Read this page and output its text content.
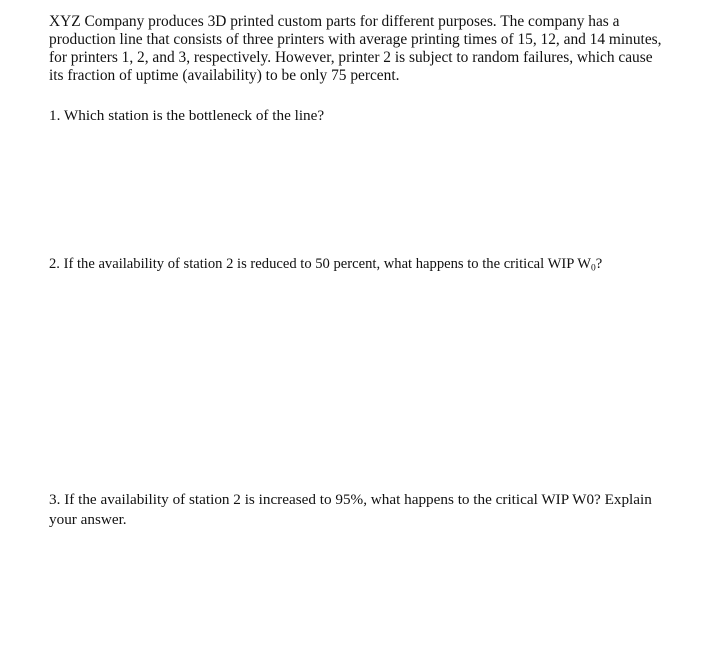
XYZ Company produces 3D printed custom parts for different purposes. The company has a
production line that consists of three printers with average printing times of 15, 12, and 14 minutes,
for printers 1, 2, and 3, respectively. However, printer 2 is subject to random failures, which cause
its fraction of uptime (availability) to be only 75 percent.

1. Which station is the bottleneck of the line?

2. If the availability of station 2 is reduced to 50 percent, what happens to the critical WIP $W_0$?

3. If the availability of station 2 is increased to 95%, what happens to the critical WIP W0? Explain
your answer.
